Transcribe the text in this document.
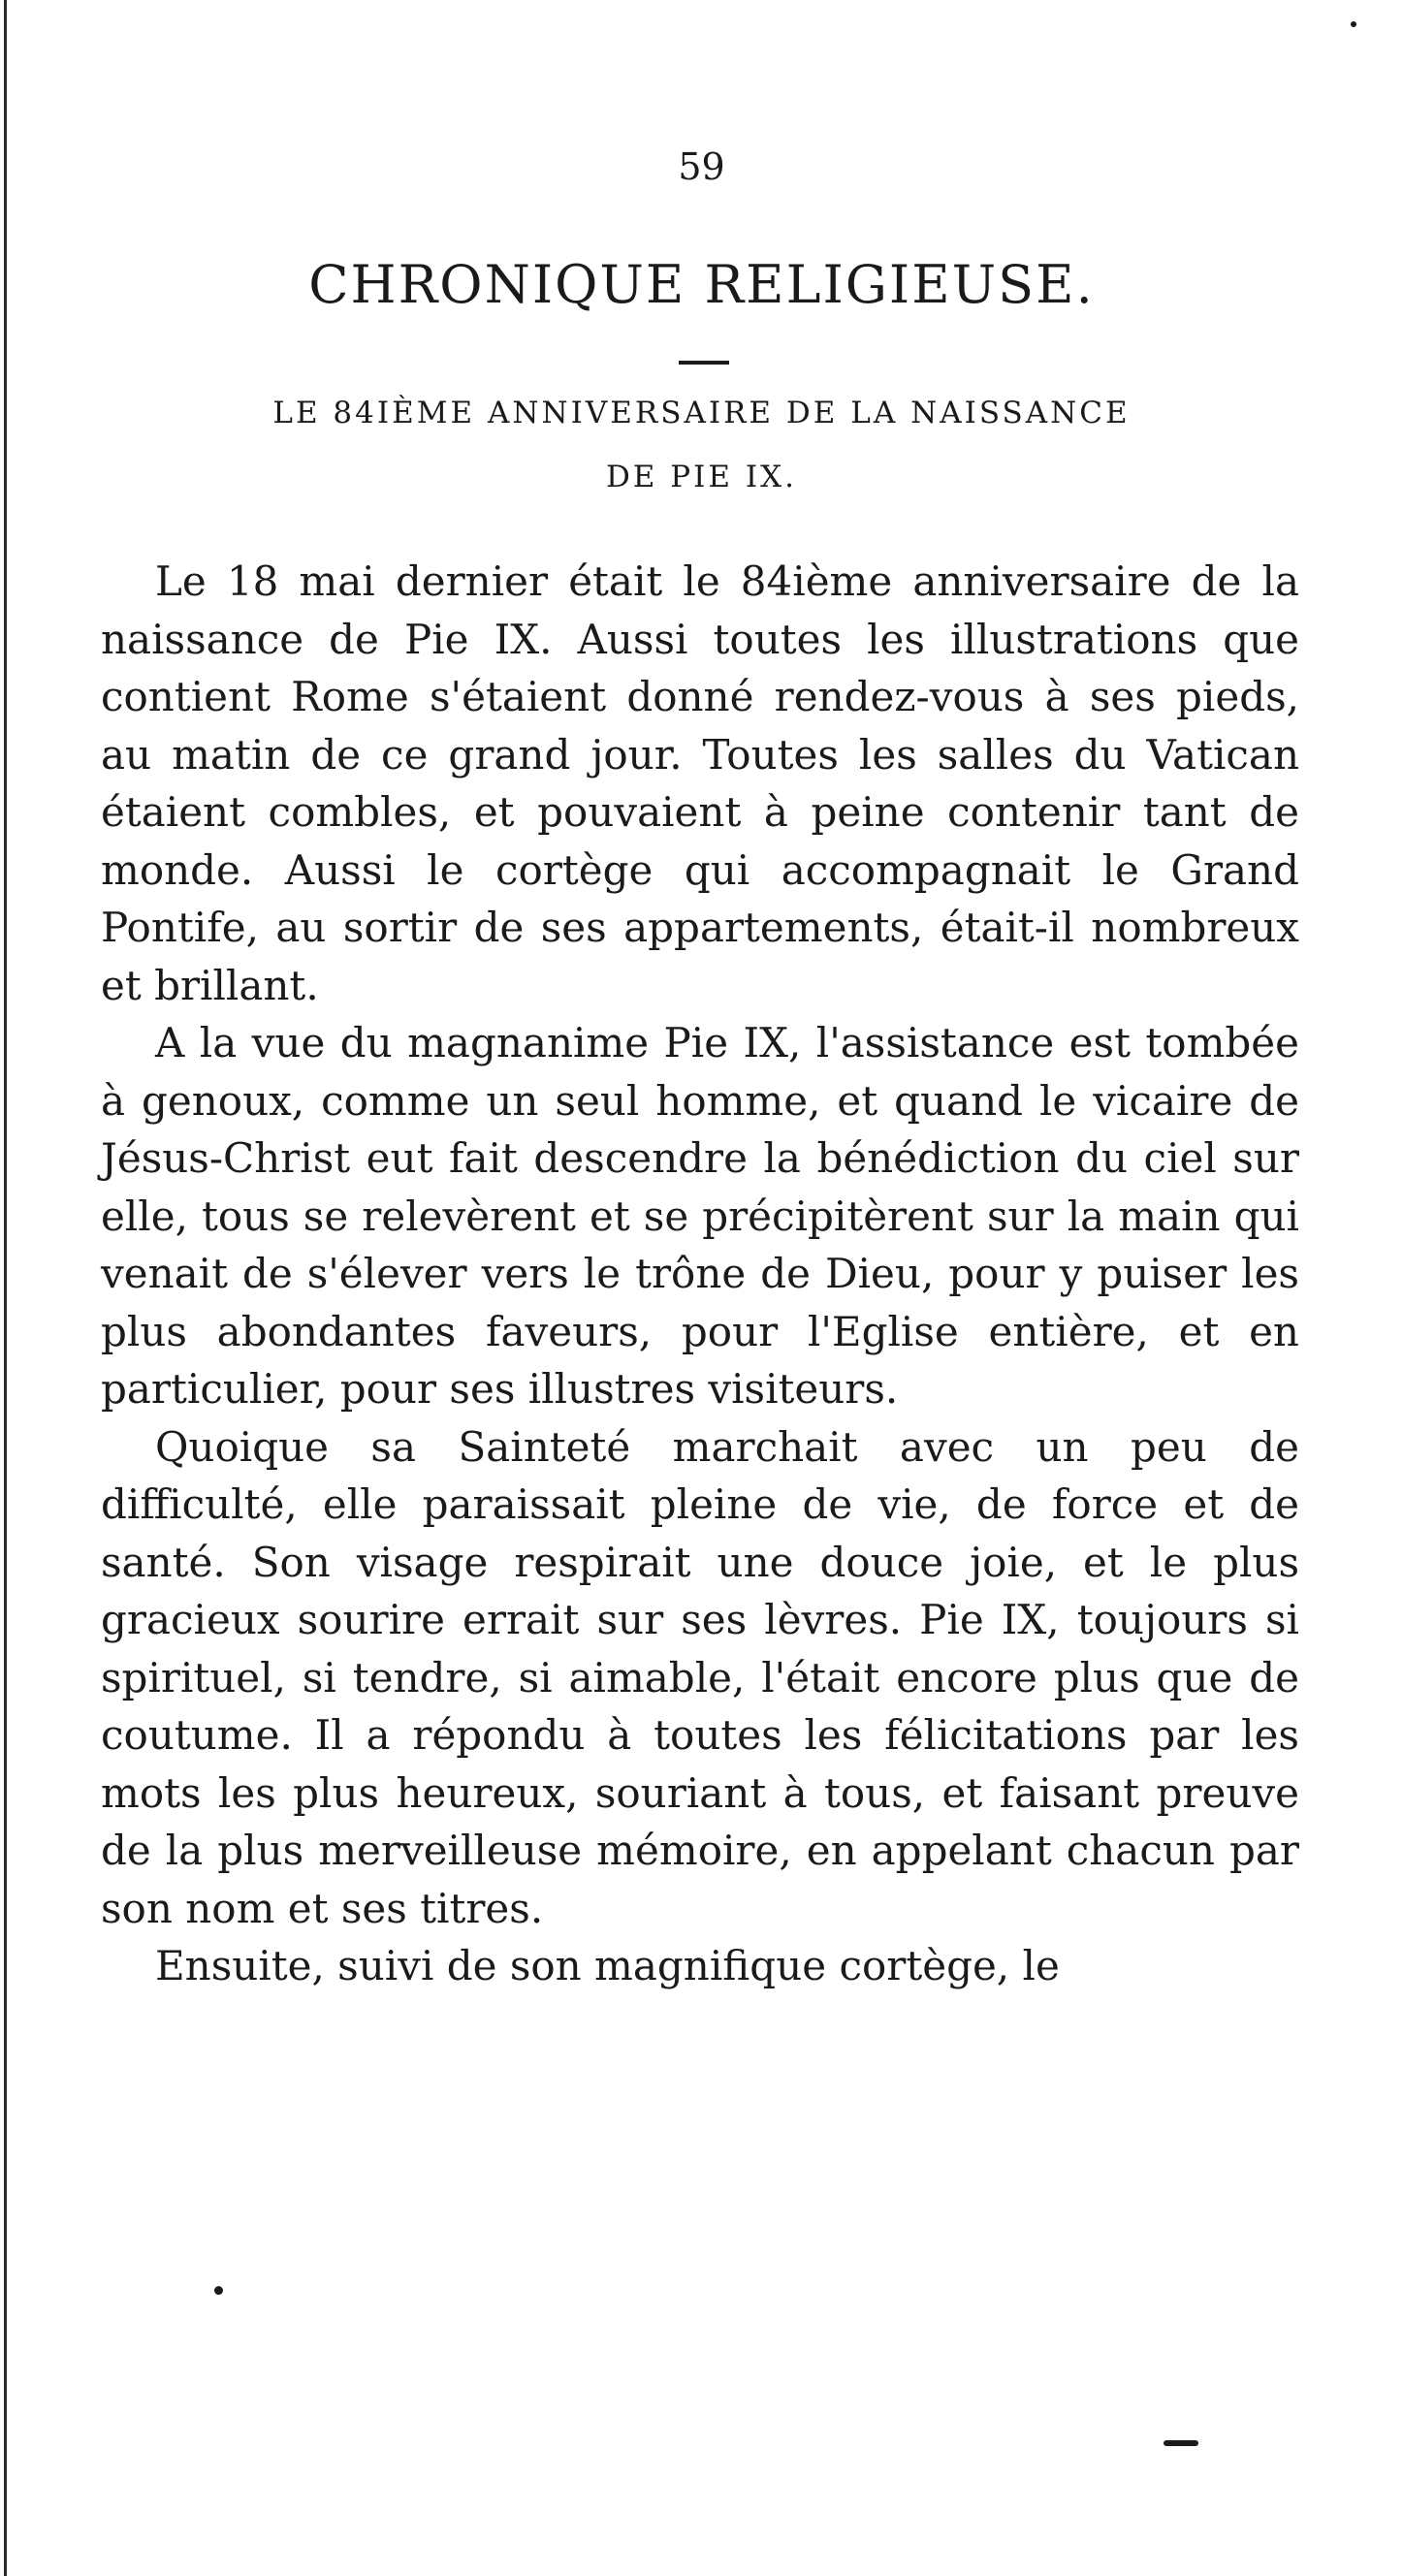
59
CHRONIQUE RELIGIEUSE.
LE 84IÈME ANNIVERSAIRE DE LA NAISSANCE
DE PIE IX.

Le 18 mai dernier était le 84ième anniversaire de la naissance de Pie IX. Aussi toutes les illustrations que contient Rome s'étaient donné rendez-vous à ses pieds, au matin de ce grand jour. Toutes les salles du Vatican étaient combles, et pouvaient à peine contenir tant de monde. Aussi le cortège qui accompagnait le Grand Pontife, au sortir de ses appartements, était-il nombreux et brillant.

A la vue du magnanime Pie IX, l'assistance est tombée à genoux, comme un seul homme, et quand le vicaire de Jésus-Christ eut fait descendre la bénédiction du ciel sur elle, tous se relevèrent et se précipitèrent sur la main qui venait de s'élever vers le trône de Dieu, pour y puiser les plus abondantes faveurs, pour l'Eglise entière, et en particulier, pour ses illustres visiteurs.

Quoique sa Sainteté marchait avec un peu de difficulté, elle paraissait pleine de vie, de force et de santé. Son visage respirait une douce joie, et le plus gracieux sourire errait sur ses lèvres. Pie IX, toujours si spirituel, si tendre, si aimable, l'était encore plus que de coutume. Il a répondu à toutes les félicitations par les mots les plus heureux, souriant à tous, et faisant preuve de la plus merveilleuse mémoire, en appelant chacun par son nom et ses titres.

Ensuite, suivi de son magnifique cortège, le
